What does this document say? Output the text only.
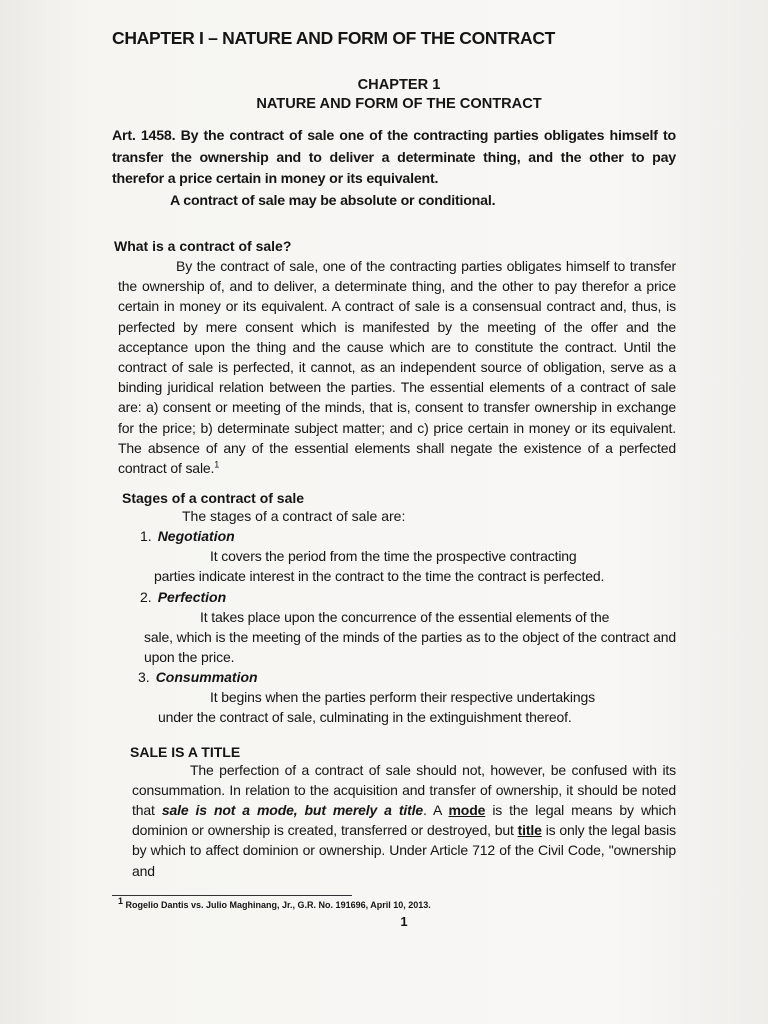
CHAPTER I – NATURE AND FORM OF THE CONTRACT
CHAPTER 1
NATURE AND FORM OF THE CONTRACT
Art. 1458. By the contract of sale one of the contracting parties obligates himself to transfer the ownership and to deliver a determinate thing, and the other to pay therefor a price certain in money or its equivalent.
A contract of sale may be absolute or conditional.
What is a contract of sale?

By the contract of sale, one of the contracting parties obligates himself to transfer the ownership of, and to deliver, a determinate thing, and the other to pay therefor a price certain in money or its equivalent. A contract of sale is a consensual contract and, thus, is perfected by mere consent which is manifested by the meeting of the offer and the acceptance upon the thing and the cause which are to constitute the contract. Until the contract of sale is perfected, it cannot, as an independent source of obligation, serve as a binding juridical relation between the parties. The essential elements of a contract of sale are: a) consent or meeting of the minds, that is, consent to transfer ownership in exchange for the price; b) determinate subject matter; and c) price certain in money or its equivalent. The absence of any of the essential elements shall negate the existence of a perfected contract of sale.$^1$

Stages of a contract of sale
The stages of a contract of sale are:
1. Negotiation
It covers the period from the time the prospective contracting
parties indicate interest in the contract to the time the contract is perfected.
2. Perfection
It takes place upon the concurrence of the essential elements of the
sale, which is the meeting of the minds of the parties as to the object of the contract and upon the price.
3. Consummation
It begins when the parties perform their respective undertakings
under the contract of sale, culminating in the extinguishment thereof.
SALE IS A TITLE

The perfection of a contract of sale should not, however, be confused with its consummation. In relation to the acquisition and transfer of ownership, it should be noted that sale is not a mode, but merely a title. A mode is the legal means by which dominion or ownership is created, transferred or destroyed, but title is only the legal basis by which to affect dominion or ownership. Under Article 712 of the Civil Code, "ownership and

1 Rogelio Dantis vs. Julio Maghinang, Jr., G.R. No. 191696, April 10, 2013.
1
